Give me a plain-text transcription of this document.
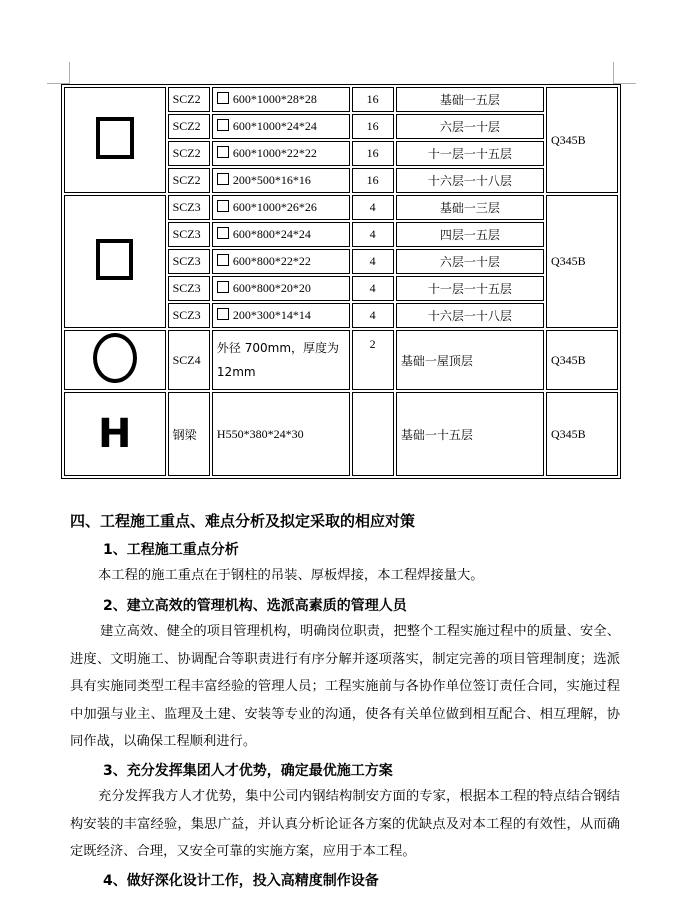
	SCZ2	600*1000*28*28	16	基础一五层	Q345B
	SCZ2	600*1000*24*24	16	六层一十层	
	SCZ2	600*1000*22*22	16	十一层一十五层	
	SCZ2	200*500*16*16	16	十六层一十八层	
	SCZ3	600*1000*26*26	4	基础一三层	Q345B
	SCZ3	600*800*24*24	4	四层一五层	
	SCZ3	600*800*22*22	4	六层一十层	
	SCZ3	600*800*20*20	4	十一层一十五层	
	SCZ3	200*300*14*14	4	十六层一十八层	
	SCZ4	外径 700mm，厚度为 12mm	2	基础一屋顶层	Q345B
H	钢梁	H550*380*24*30		基础一十五层	Q345B
四、工程施工重点、难点分析及拟定采取的相应对策
1、工程施工重点分析
本工程的施工重点在于钢柱的吊装、厚板焊接，本工程焊接量大。
2、建立高效的管理机构、选派高素质的管理人员
建立高效、健全的项目管理机构，明确岗位职责，把整个工程实施过程中的质量、安全、进度、文明施工、协调配合等职责进行有序分解并逐项落实，制定完善的项目管理制度；选派具有实施同类型工程丰富经验的管理人员；工程实施前与各协作单位签订责任合同，实施过程中加强与业主、监理及土建、安装等专业的沟通，使各有关单位做到相互配合、相互理解，协同作战，以确保工程顺利进行。
3、充分发挥集团人才优势，确定最优施工方案
充分发挥我方人才优势，集中公司内钢结构制安方面的专家，根据本工程的特点结合钢结构安装的丰富经验，集思广益，并认真分析论证各方案的优缺点及对本工程的有效性，从而确定既经济、合理，又安全可靠的实施方案，应用于本工程。
4、做好深化设计工作，投入高精度制作设备
